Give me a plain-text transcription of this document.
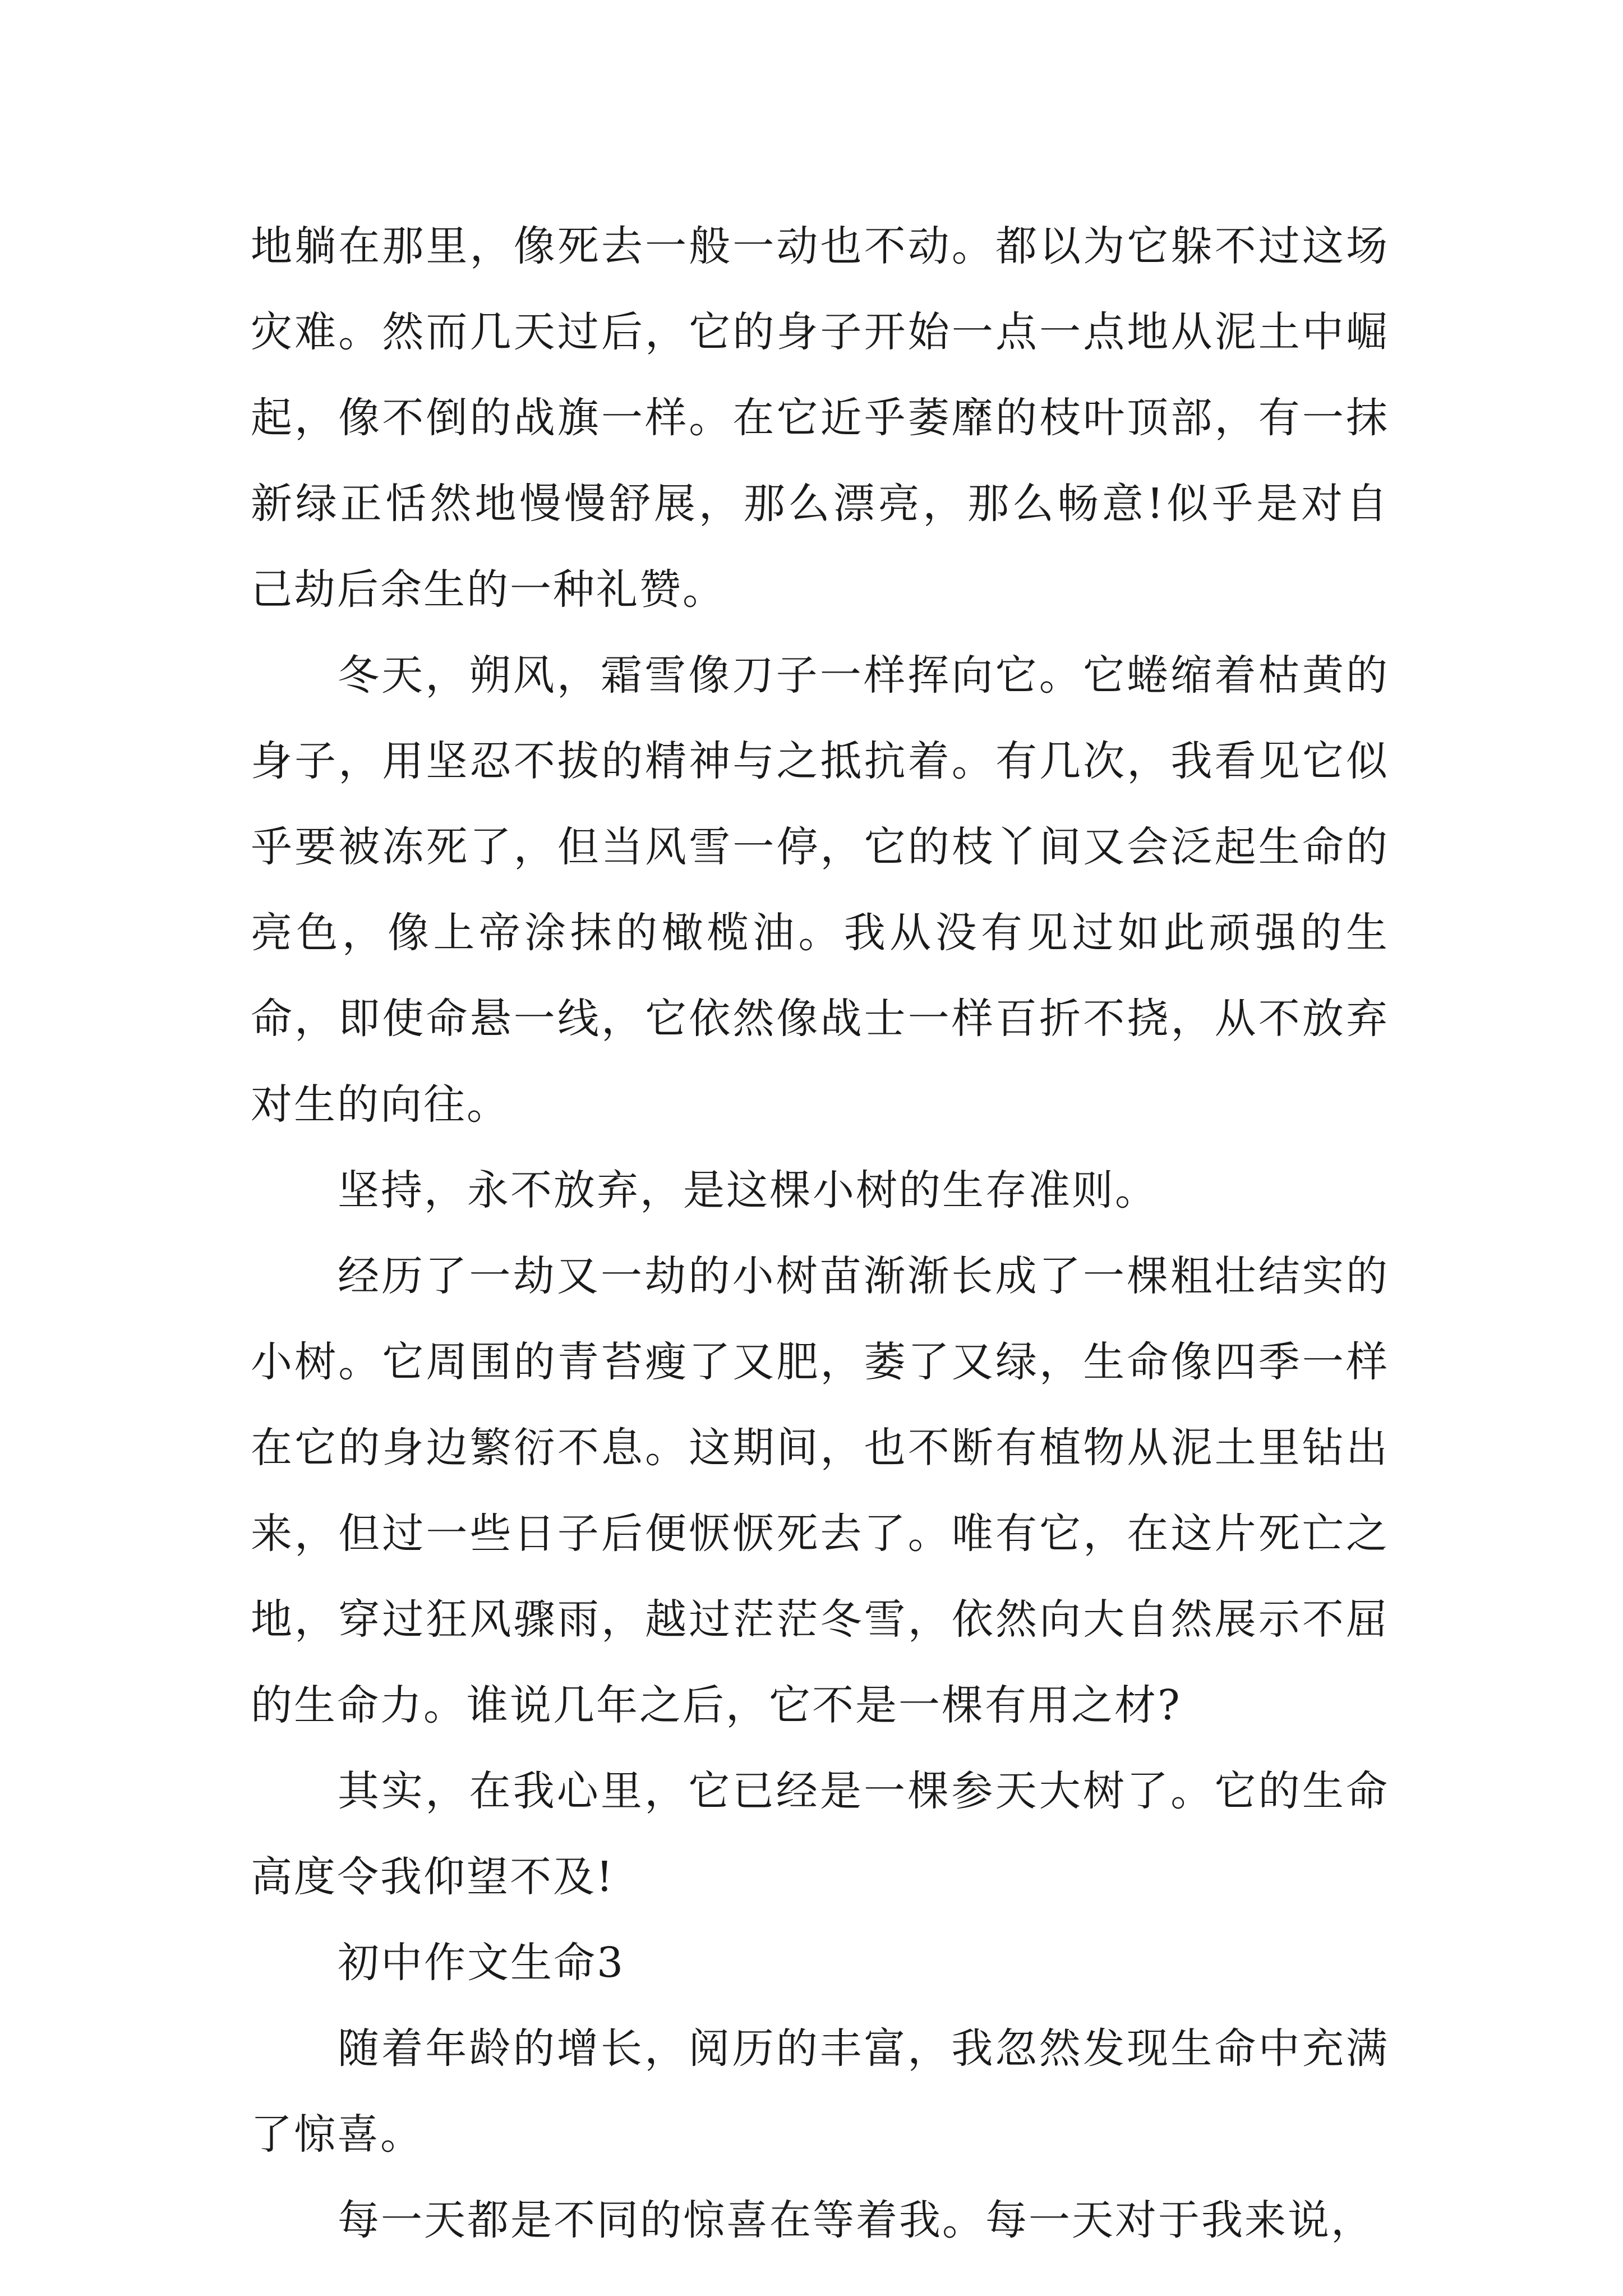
地躺在那里，像死去一般一动也不动。都以为它躲不过这场灾难。然而几天过后，它的身子开始一点一点地从泥土中崛起，像不倒的战旗一样。在它近乎萎靡的枝叶顶部，有一抹新绿正恬然地慢慢舒展，那么漂亮，那么畅意!似乎是对自己劫后余生的一种礼赞。

冬天，朔风，霜雪像刀子一样挥向它。它蜷缩着枯黄的身子，用坚忍不拔的精神与之抵抗着。有几次，我看见它似乎要被冻死了，但当风雪一停，它的枝丫间又会泛起生命的亮色，像上帝涂抹的橄榄油。我从没有见过如此顽强的生命，即使命悬一线，它依然像战士一样百折不挠，从不放弃对生的向往。

坚持，永不放弃，是这棵小树的生存准则。

经历了一劫又一劫的小树苗渐渐长成了一棵粗壮结实的小树。它周围的青苔瘦了又肥，萎了又绿，生命像四季一样在它的身边繁衍不息。这期间，也不断有植物从泥土里钻出来，但过一些日子后便恹恹死去了。唯有它，在这片死亡之地，穿过狂风骤雨，越过茫茫冬雪，依然向大自然展示不屈的生命力。谁说几年之后，它不是一棵有用之材?

其实，在我心里，它已经是一棵参天大树了。它的生命高度令我仰望不及!

初中作文生命3

随着年龄的增长，阅历的丰富，我忽然发现生命中充满了惊喜。

每一天都是不同的惊喜在等着我。每一天对于我来说，
